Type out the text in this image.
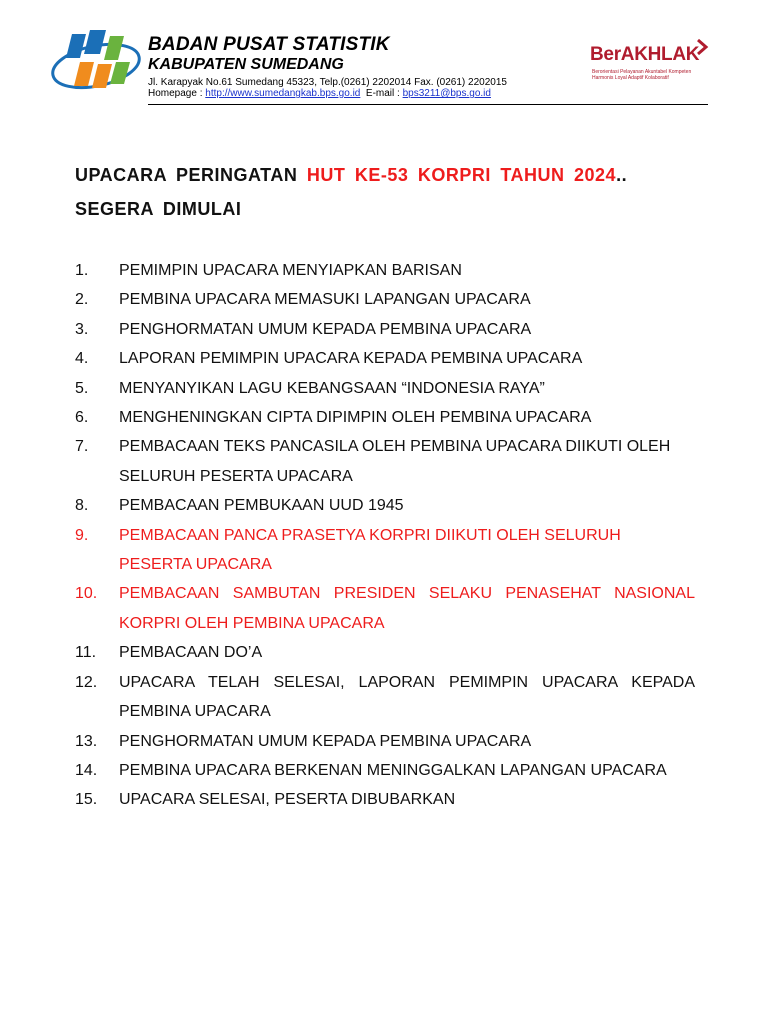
BADAN PUSAT STATISTIK
KABUPATEN SUMEDANG
Jl. Karapyak No.61 Sumedang 45323, Telp.(0261) 2202014 Fax. (0261) 2202015
Homepage : http://www.sumedangkab.bps.go.id  E-mail : bps3211@bps.go.id
BerAKHLAK
Berorientasi Pelayanan Akuntabel Kompeten Harmonis Loyal Adaptif Kolaboratif
UPACARA PERINGATAN HUT KE-53 KORPRI TAHUN 2024..
SEGERA DIMULAI
1. PEMIMPIN UPACARA MENYIAPKAN BARISAN
2. PEMBINA UPACARA MEMASUKI LAPANGAN UPACARA
3. PENGHORMATAN UMUM KEPADA PEMBINA UPACARA
4. LAPORAN PEMIMPIN UPACARA KEPADA PEMBINA UPACARA
5. MENYANYIKAN LAGU KEBANGSAAN “INDONESIA RAYA”
6. MENGHENINGKAN CIPTA DIPIMPIN OLEH PEMBINA UPACARA
7. PEMBACAAN TEKS PANCASILA OLEH PEMBINA UPACARA DIIKUTI OLEH SELURUH PESERTA UPACARA
8. PEMBACAAN PEMBUKAAN UUD 1945
9. PEMBACAAN PANCA PRASETYA KORPRI DIIKUTI OLEH SELURUH PESERTA UPACARA
10. PEMBACAAN SAMBUTAN PRESIDEN SELAKU PENASEHAT NASIONAL KORPRI OLEH PEMBINA UPACARA
11. PEMBACAAN DO’A
12. UPACARA TELAH SELESAI, LAPORAN PEMIMPIN UPACARA KEPADA PEMBINA UPACARA
13. PENGHORMATAN UMUM KEPADA PEMBINA UPACARA
14. PEMBINA UPACARA BERKENAN MENINGGALKAN LAPANGAN UPACARA
15. UPACARA SELESAI, PESERTA DIBUBARKAN
